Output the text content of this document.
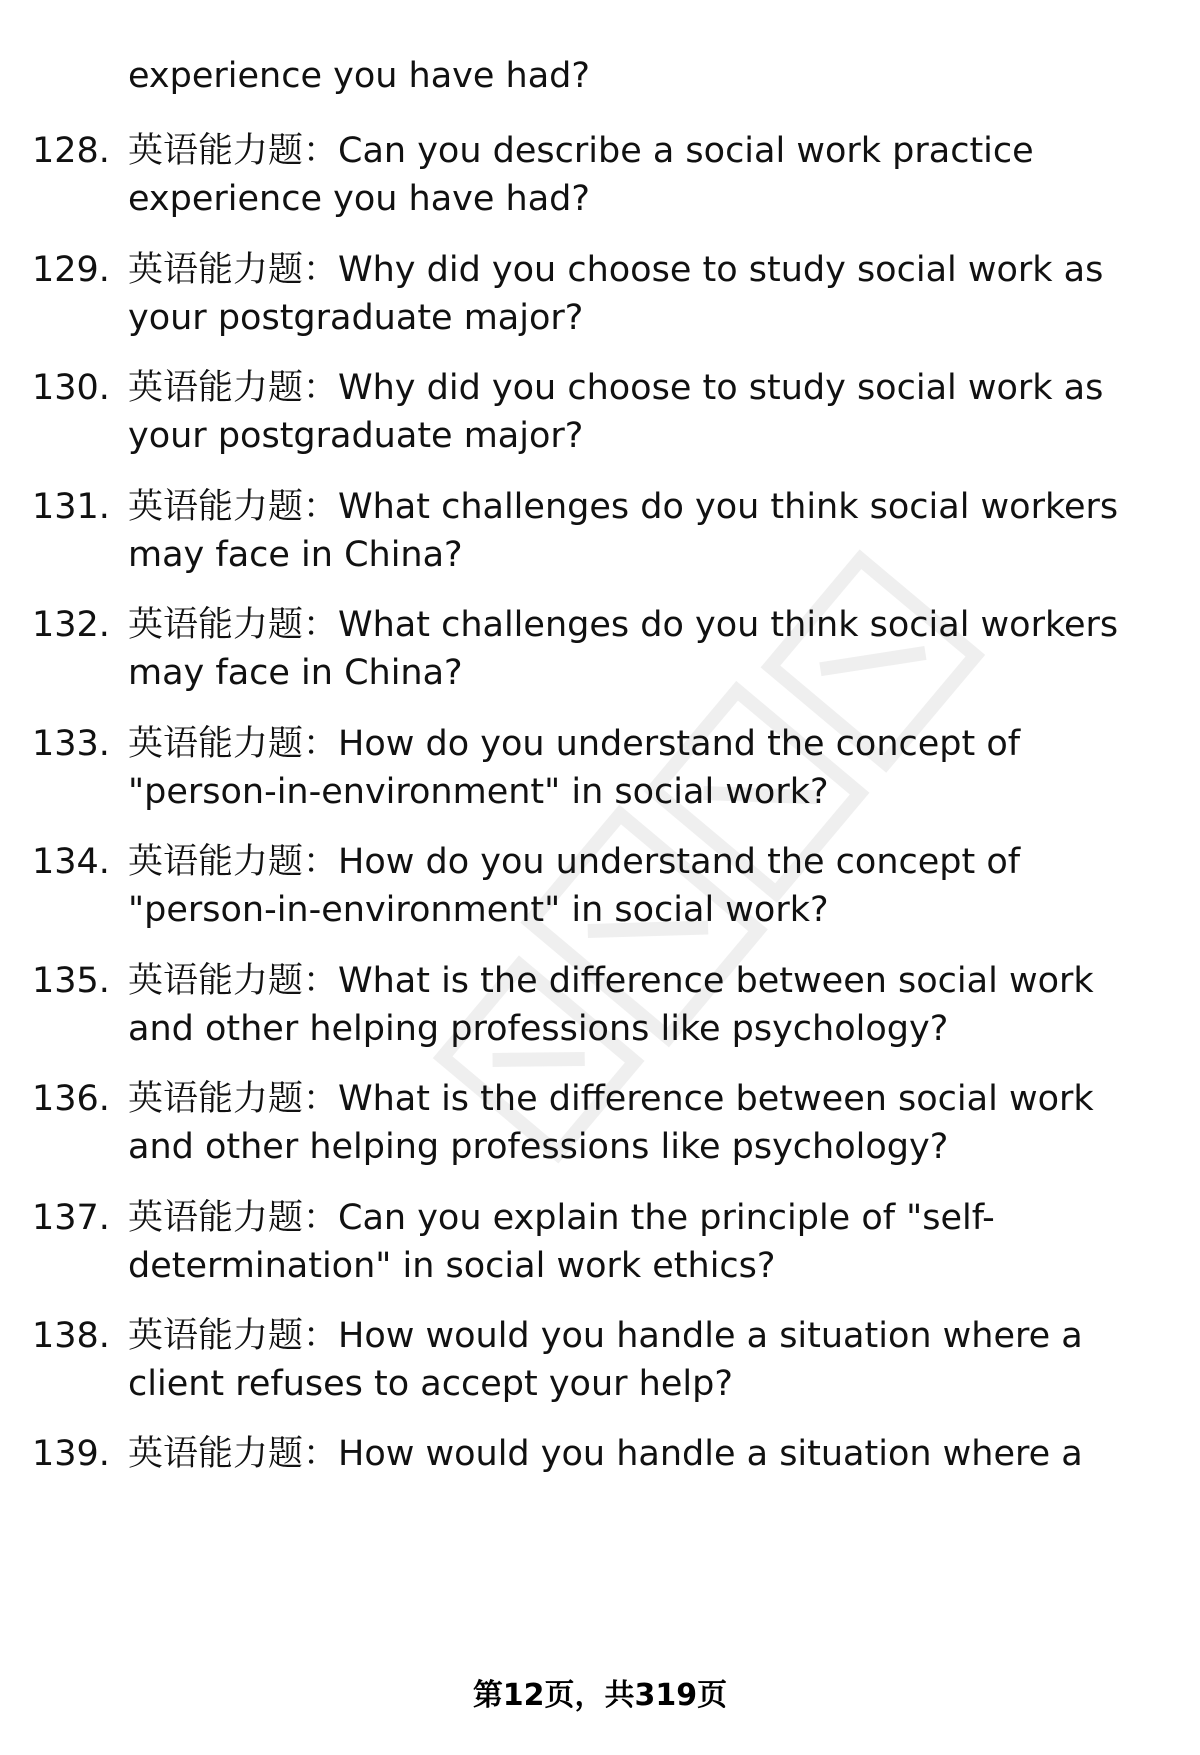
experience you have had?
128. 英语能力题：Can you describe a social work practice
experience you have had?
129. 英语能力题：Why did you choose to study social work as
your postgraduate major?
130. 英语能力题：Why did you choose to study social work as
your postgraduate major?
131. 英语能力题：What challenges do you think social workers
may face in China?
132. 英语能力题：What challenges do you think social workers
may face in China?
133. 英语能力题：How do you understand the concept of
"person-in-environment" in social work?
134. 英语能力题：How do you understand the concept of
"person-in-environment" in social work?
135. 英语能力题：What is the difference between social work
and other helping professions like psychology?
136. 英语能力题：What is the difference between social work
and other helping professions like psychology?
137. 英语能力题：Can you explain the principle of "self-
determination" in social work ethics?
138. 英语能力题：How would you handle a situation where a
client refuses to accept your help?
139. 英语能力题：How would you handle a situation where a
第12页，共319页
